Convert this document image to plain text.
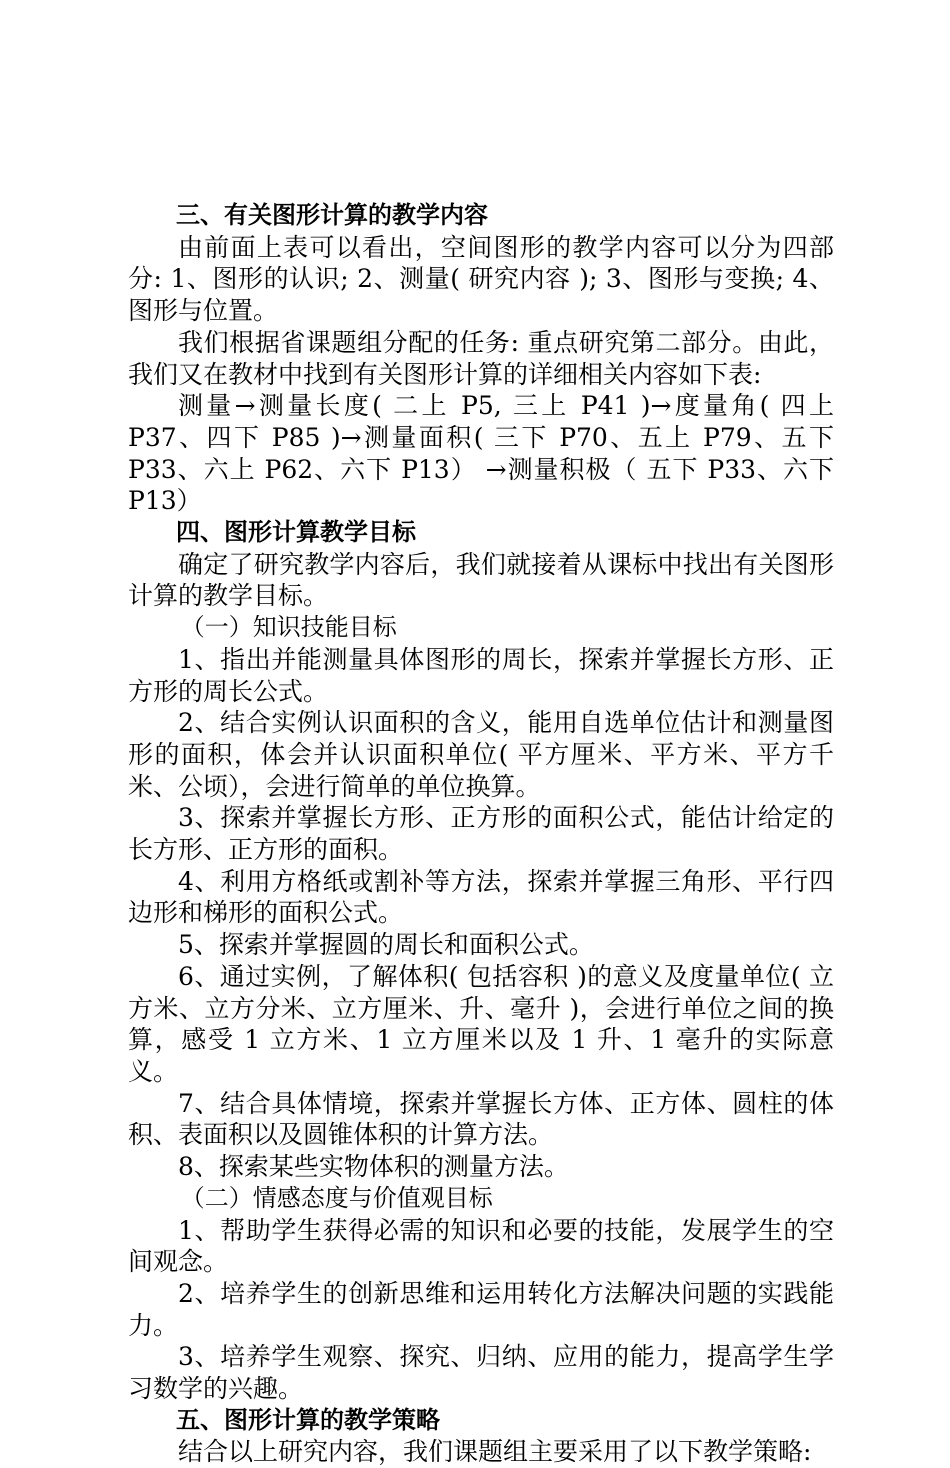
三、有关图形计算的教学内容

由前面上表可以看出，空间图形的教学内容可以分为四部分: 1、图形的认识; 2、测量( 研究内容 ); 3、图形与变换; 4、图形与位置。

我们根据省课题组分配的任务: 重点研究第二部分。由此，我们又在教材中找到有关图形计算的详细相关内容如下表:

测量→测量长度( 二上 P5, 三上 P41 )→度量角( 四上 P37、四下 P85 )→测量面积( 三下 P70、五上 P79、五下 P33、六上 P62、六下 P13） →测量积极（ 五下 P33、六下 P13）

四、图形计算教学目标

确定了研究教学内容后，我们就接着从课标中找出有关图形计算的教学目标。

（一）知识技能目标

1、指出并能测量具体图形的周长，探索并掌握长方形、正方形的周长公式。

2、结合实例认识面积的含义，能用自选单位估计和测量图形的面积，体会并认识面积单位( 平方厘米、平方米、平方千米、公顷），会进行简单的单位换算。

3、探索并掌握长方形、正方形的面积公式，能估计给定的长方形、正方形的面积。

4、利用方格纸或割补等方法，探索并掌握三角形、平行四边形和梯形的面积公式。

5、探索并掌握圆的周长和面积公式。

6、通过实例，了解体积( 包括容积 )的意义及度量单位( 立方米、立方分米、立方厘米、升、毫升 )，会进行单位之间的换算，感受 1 立方米、1 立方厘米以及 1 升、1 毫升的实际意义。

7、结合具体情境，探索并掌握长方体、正方体、圆柱的体积、表面积以及圆锥体积的计算方法。

8、探索某些实物体积的测量方法。

（二）情感态度与价值观目标

1、帮助学生获得必需的知识和必要的技能，发展学生的空间观念。

2、培养学生的创新思维和运用转化方法解决问题的实践能力。

3、培养学生观察、探究、归纳、应用的能力，提高学生学习数学的兴趣。

五、图形计算的教学策略

结合以上研究内容，我们课题组主要采用了以下教学策略:
